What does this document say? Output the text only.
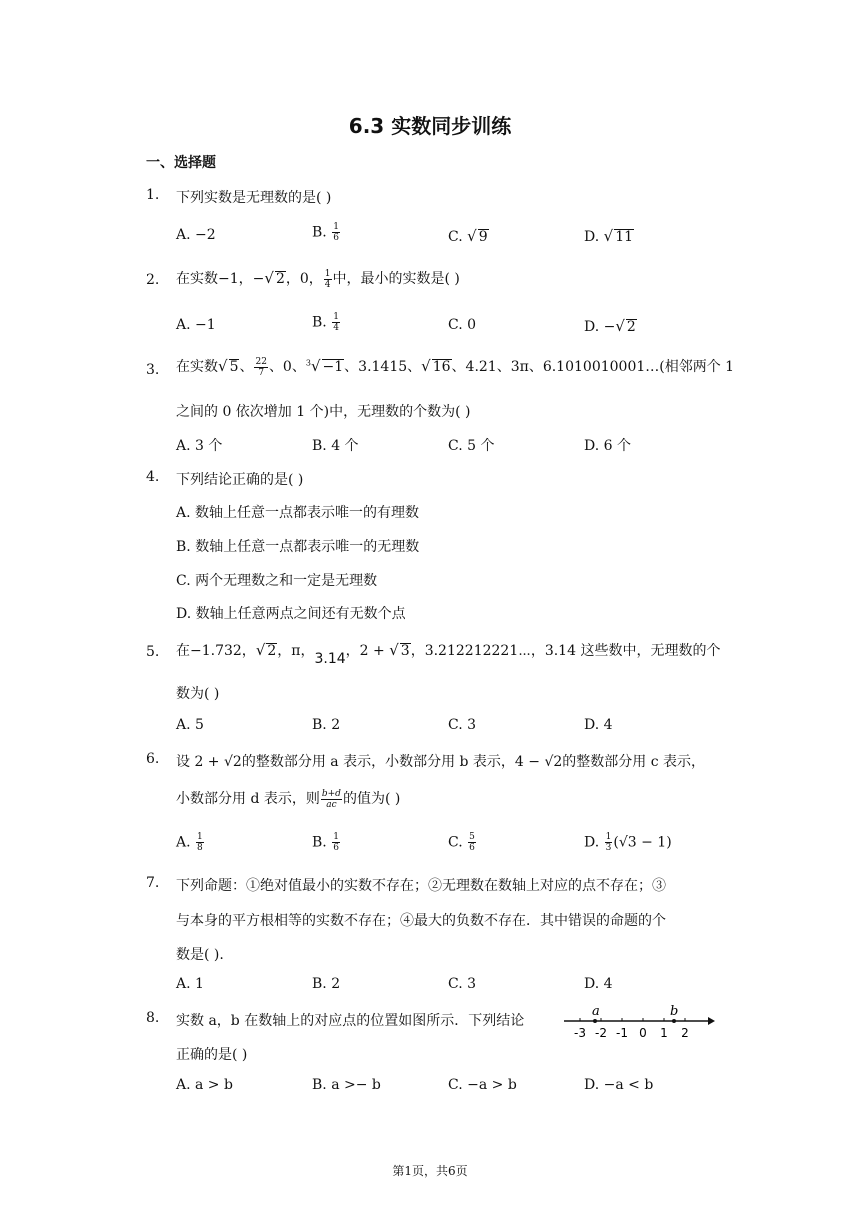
6.3 实数同步训练
一、选择题
1. 下列实数是无理数的是( )
A. −2	B. $\frac{1}{6}$	C. √ 9	D. √ 11
2. 在实数−1，−√ 2，0， $\frac{1}{4}$ 中，最小的实数是( )
A. −1	B. $\frac{1}{4}$	C. 0	D. −√ 2
3. 在实数√ 5、 $\frac{22}{7}$ 、0、$^3$√ −1、3.1415、√ 16、4.21、3π、6.1010010001…(相邻两个 1
之间的 0 依次增加 1 个)中，无理数的个数为( )
A. 3 个	B. 4 个	C. 5 个	D. 6 个
4. 下列结论正确的是( )
A. 数轴上任意一点都表示唯一的有理数
B. 数轴上任意一点都表示唯一的无理数
C. 两个无理数之和一定是无理数
D. 数轴上任意两点之间还有无数个点
5. 在−1.732，√ 2，π，3.14，2 + √ 3，3.212212221⋯，3.14 这些数中，无理数的个
数为( )
A. 5	B. 2	C. 3	D. 4
6. 设 2 + √2的整数部分用 a 表示，小数部分用 b 表示，4 − √2的整数部分用 c 表示，
小数部分用 d 表示，则 $\frac{b+d}{ac}$ 的值为( )
A. $\frac{1}{8}$	B. $\frac{1}{6}$	C. $\frac{5}{6}$	D. $\frac{1}{3} (√3 - 1)$
7. 下列命题：①绝对值最小的实数不存在；②无理数在数轴上对应的点不存在；③
与本身的平方根相等的实数不存在；④最大的负数不存在．其中错误的命题的个
数是( ).
A. 1	B. 2	C. 3	D. 4
8. 实数 a，b 在数轴上的对应点的位置如图所示．下列结论
正确的是( )
A. a > b	B. a >− b	C. −a > b	D. −a < b
-3 -2 -1 0 1 2
a	b
第1页，共6页
